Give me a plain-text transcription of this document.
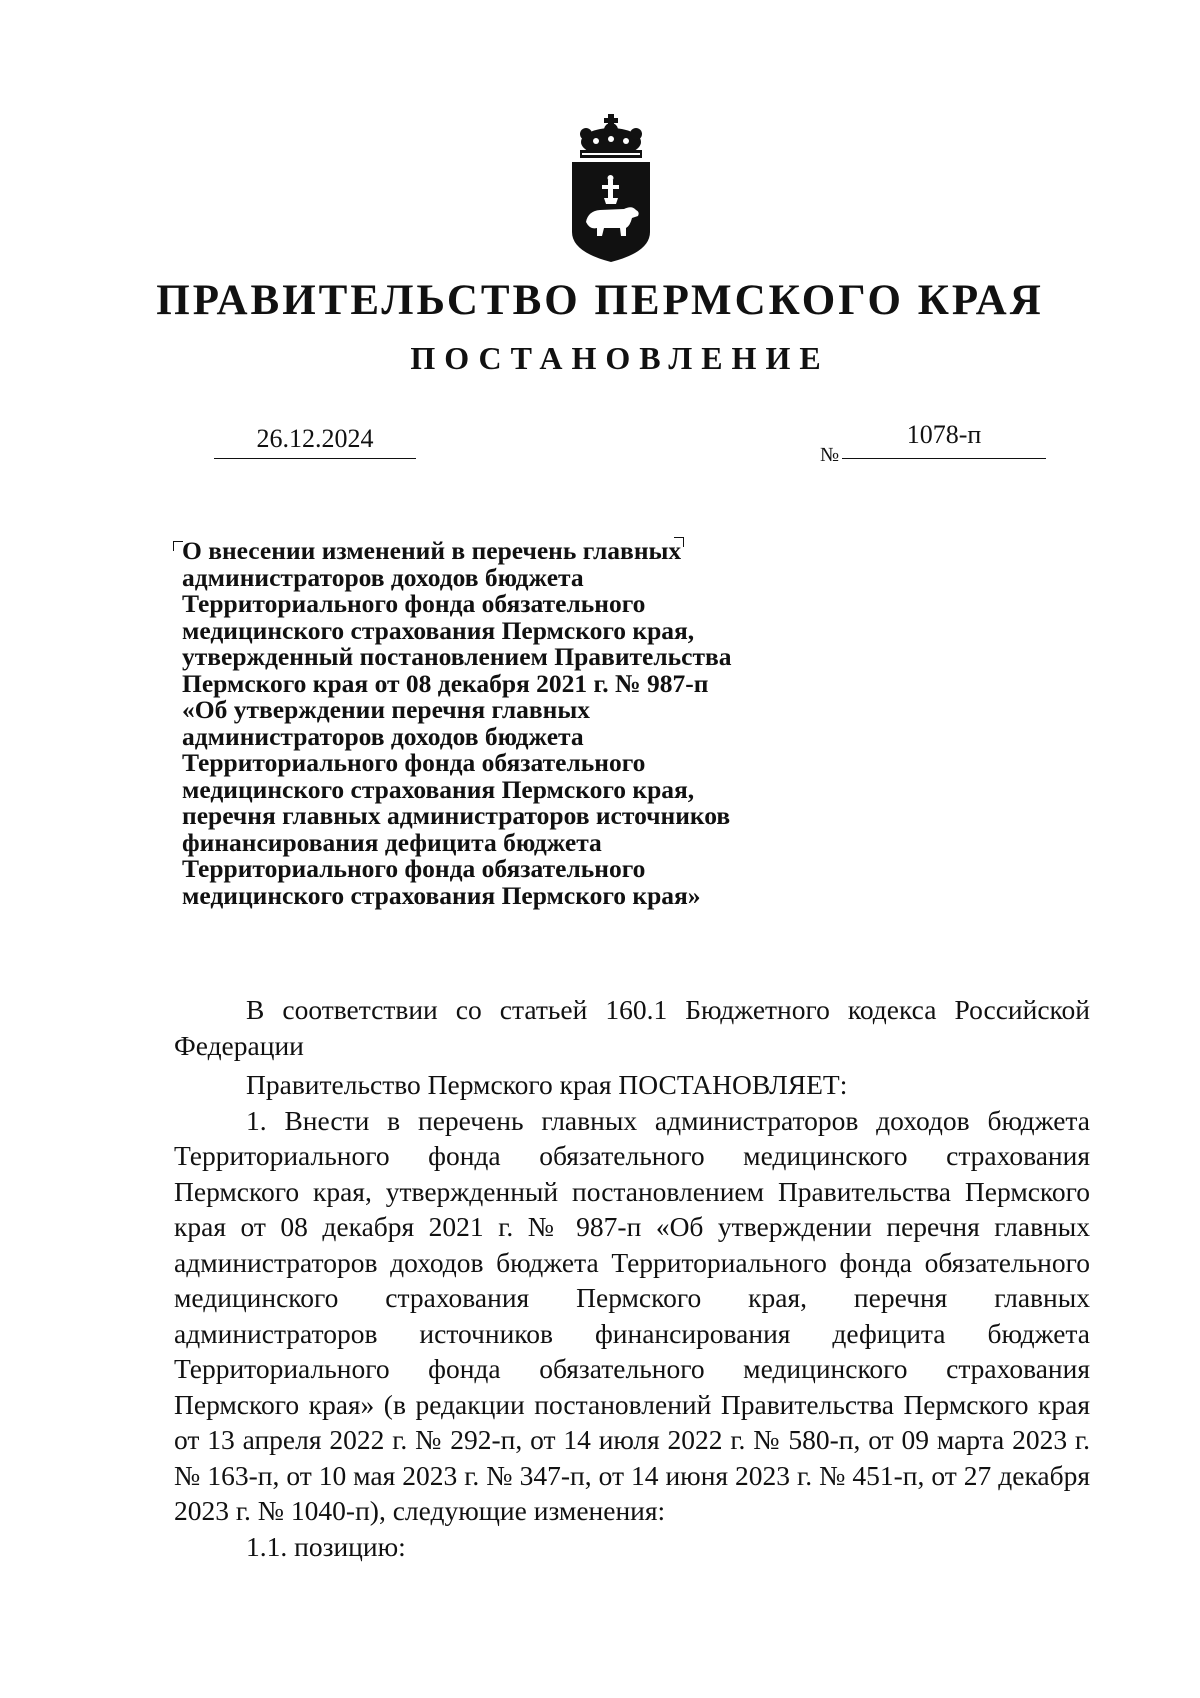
ПРАВИТЕЛЬСТВО ПЕРМСКОГО КРАЯ
ПОСТАНОВЛЕНИЕ
26.12.2024
№
1078-п
О внесении изменений в перечень главных
администраторов доходов бюджета
Территориального фонда обязательного
медицинского страхования Пермского края,
утвержденный постановлением Правительства
Пермского края от 08 декабря 2021 г. № 987-п
«Об утверждении перечня главных
администраторов доходов бюджета
Территориального фонда обязательного
медицинского страхования Пермского края,
перечня главных администраторов источников
финансирования дефицита бюджета
Территориального фонда обязательного
медицинского страхования Пермского края»

В соответствии со статьей 160.1 Бюджетного кодекса Российской Федерации

Правительство Пермского края ПОСТАНОВЛЯЕТ:

1. Внести в перечень главных администраторов доходов бюджета Территориального фонда обязательного медицинского страхования Пермского края, утвержденный постановлением Правительства Пермского края от 08 декабря 2021 г. № 987-п «Об утверждении перечня главных администраторов доходов бюджета Территориального фонда обязательного медицинского страхования Пермского края, перечня главных администраторов источников финансирования дефицита бюджета Территориального фонда обязательного медицинского страхования Пермского края» (в редакции постановлений Правительства Пермского края от 13 апреля 2022 г. № 292-п, от 14 июля 2022 г. № 580-п, от 09 марта 2023 г. № 163-п, от 10 мая 2023 г. № 347-п, от 14 июня 2023 г. № 451-п, от 27 декабря 2023 г. № 1040-п), следующие изменения:

1.1. позицию:
